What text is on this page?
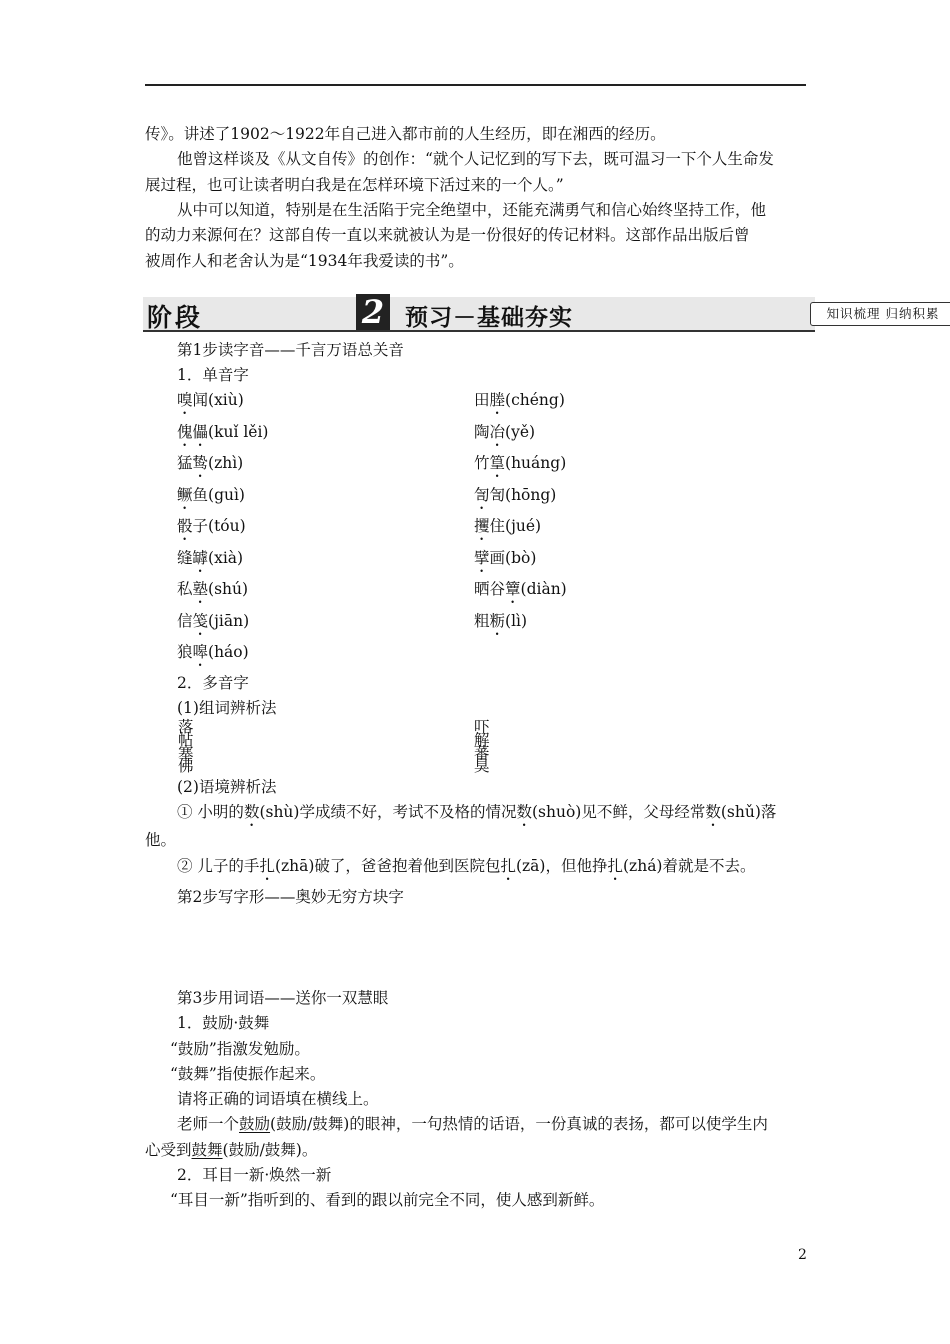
传》。讲述了1902～1922年自己进入都市前的人生经历，即在湘西的经历。
他曾这样谈及《从文自传》的创作：“就个人记忆到的写下去，既可温习一下个人生命发
展过程，也可让读者明白我是在怎样环境下活过来的一个人。”
从中可以知道，特别是在生活陷于完全绝望中，还能充满勇气和信心始终坚持工作，他
的动力来源何在？这部自传一直以来就被认为是一份很好的传记材料。这部作品出版后曾
被周作人和老舍认为是“1934年我爱读的书”。
阶段	2 预习－基础夯实	知识梳理 归纳积累
第1步读字音——千言万语总关音
1．单音字
嗅闻(xiù)
傀儡(kuǐ lěi)
猛鸷(zhì)
鳜鱼(guì)
骰子(tóu)
缝罅(xià)
私塾(shú)
信笺(jiān)
狼嗥(háo)
田塍(chéng)
陶冶(yě)
竹篁(huáng)
訇訇(hōng)
攫住(jué)
擘画(bò)
晒谷簟(diàn)
粗粝(lì)
2．多音字
(1)组词辨析法
落
帖
塞
佛
吓
解
蕃
臭
(2)语境辨析法
① 小明的数(shù)学成绩不好，考试不及格的情况数(shuò)见不鲜，父母经常数(shǔ)落
他。
② 儿子的手扎(zhā)破了，爸爸抱着他到医院包扎(zā)，但他挣扎(zhá)着就是不去。
第2步写字形——奥妙无穷方块字
第3步用词语——送你一双慧眼
1．鼓励·鼓舞
“鼓励”指激发勉励。
“鼓舞”指使振作起来。
请将正确的词语填在横线上。
老师一个鼓励(鼓励/鼓舞)的眼神，一句热情的话语，一份真诚的表扬，都可以使学生内
心受到鼓舞(鼓励/鼓舞)。
2．耳目一新·焕然一新
“耳目一新”指听到的、看到的跟以前完全不同，使人感到新鲜。
2
